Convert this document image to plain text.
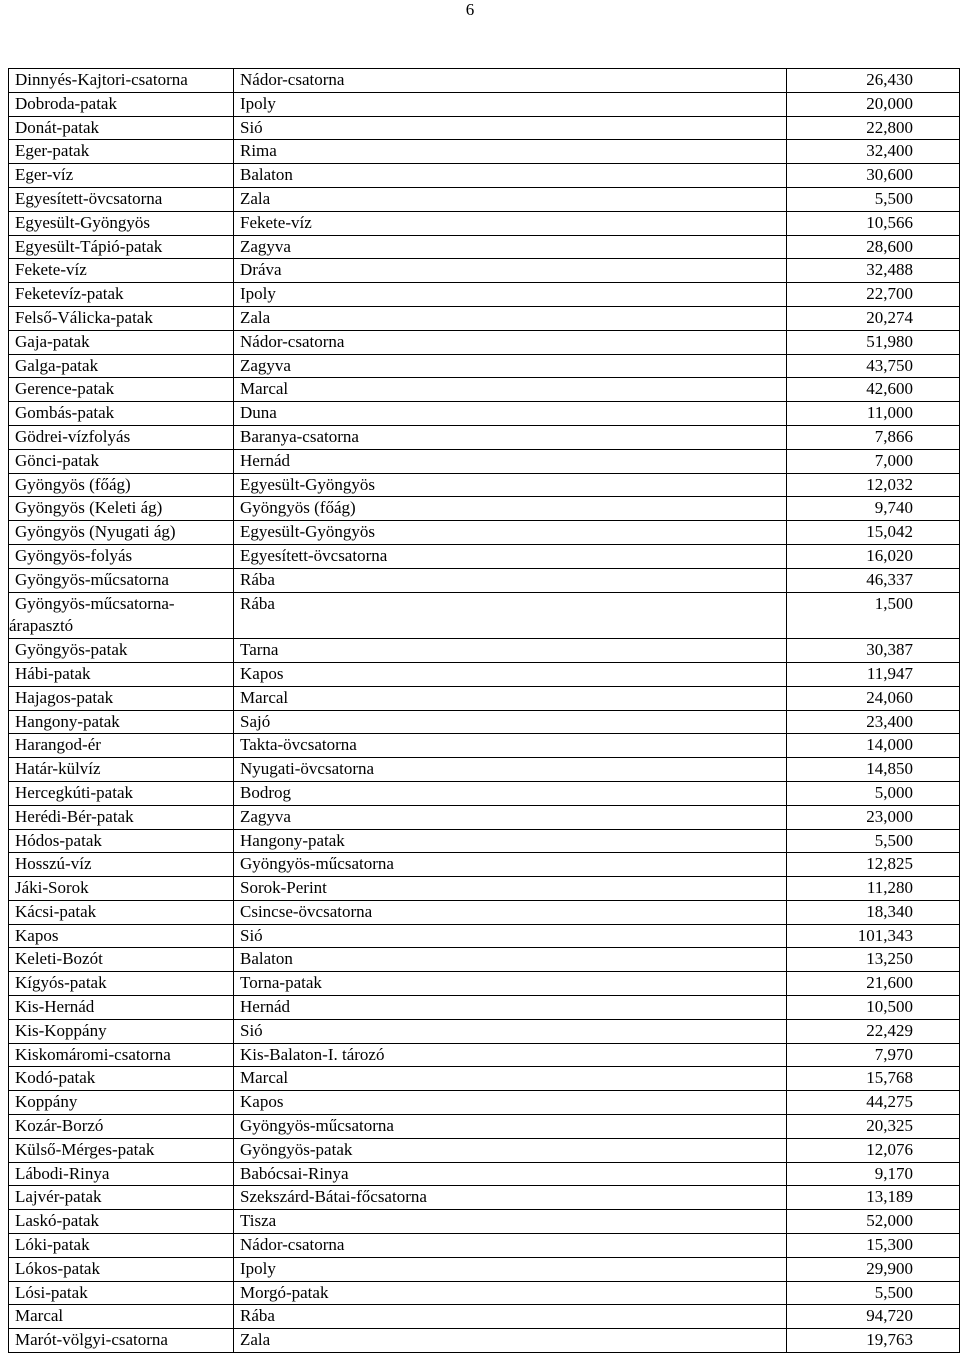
6
Dinnyés-Kajtori-csatorna	Nádor-csatorna	26,430
Dobroda-patak	Ipoly	20,000
Donát-patak	Sió	22,800
Eger-patak	Rima	32,400
Eger-víz	Balaton	30,600
Egyesített-övcsatorna	Zala	5,500
Egyesült-Gyöngyös	Fekete-víz	10,566
Egyesült-Tápió-patak	Zagyva	28,600
Fekete-víz	Dráva	32,488
Feketevíz-patak	Ipoly	22,700
Felső-Válicka-patak	Zala	20,274
Gaja-patak	Nádor-csatorna	51,980
Galga-patak	Zagyva	43,750
Gerence-patak	Marcal	42,600
Gombás-patak	Duna	11,000
Gödrei-vízfolyás	Baranya-csatorna	7,866
Gönci-patak	Hernád	7,000
Gyöngyös (főág)	Egyesült-Gyöngyös	12,032
Gyöngyös (Keleti ág)	Gyöngyös (főág)	9,740
Gyöngyös (Nyugati ág)	Egyesült-Gyöngyös	15,042
Gyöngyös-folyás	Egyesített-övcsatorna	16,020
Gyöngyös-műcsatorna	Rába	46,337
Gyöngyös-műcsatorna-
árapasztó	Rába	1,500
Gyöngyös-patak	Tarna	30,387
Hábi-patak	Kapos	11,947
Hajagos-patak	Marcal	24,060
Hangony-patak	Sajó	23,400
Harangod-ér	Takta-övcsatorna	14,000
Határ-külvíz	Nyugati-övcsatorna	14,850
Hercegkúti-patak	Bodrog	5,000
Herédi-Bér-patak	Zagyva	23,000
Hódos-patak	Hangony-patak	5,500
Hosszú-víz	Gyöngyös-műcsatorna	12,825
Jáki-Sorok	Sorok-Perint	11,280
Kácsi-patak	Csincse-övcsatorna	18,340
Kapos	Sió	101,343
Keleti-Bozót	Balaton	13,250
Kígyós-patak	Torna-patak	21,600
Kis-Hernád	Hernád	10,500
Kis-Koppány	Sió	22,429
Kiskomáromi-csatorna	Kis-Balaton-I. tározó	7,970
Kodó-patak	Marcal	15,768
Koppány	Kapos	44,275
Kozár-Borzó	Gyöngyös-műcsatorna	20,325
Külső-Mérges-patak	Gyöngyös-patak	12,076
Lábodi-Rinya	Babócsai-Rinya	9,170
Lajvér-patak	Szekszárd-Bátai-főcsatorna	13,189
Laskó-patak	Tisza	52,000
Lóki-patak	Nádor-csatorna	15,300
Lókos-patak	Ipoly	29,900
Lósi-patak	Morgó-patak	5,500
Marcal	Rába	94,720
Marót-völgyi-csatorna	Zala	19,763
